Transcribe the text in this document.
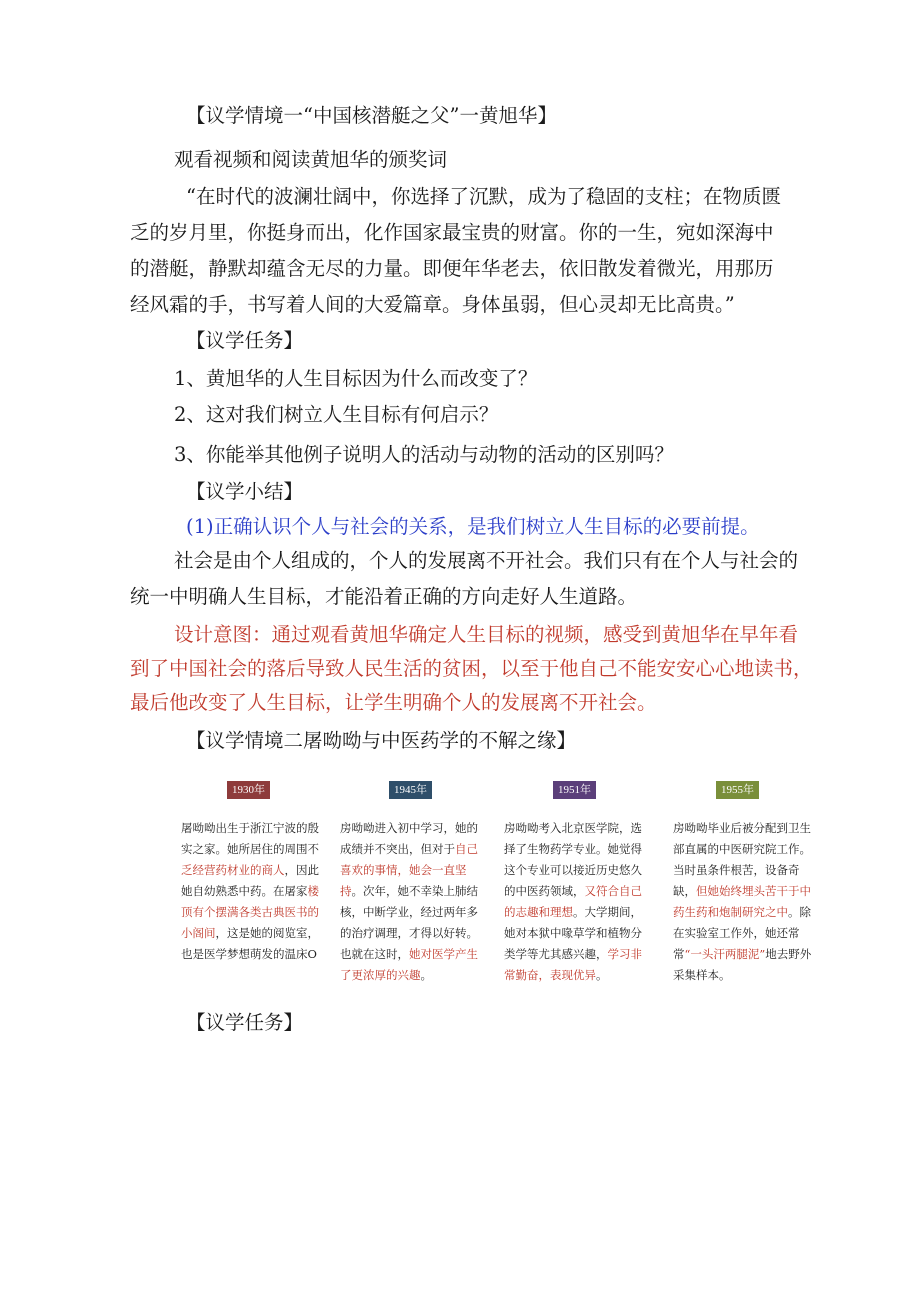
【议学情境一“中国核潜艇之父”一黄旭华】
观看视频和阅读黄旭华的颁奖词
“在时代的波澜壮阔中，你选择了沉默，成为了稳固的支柱；在物质匮
乏的岁月里，你挺身而出，化作国家最宝贵的财富。你的一生，宛如深海中
的潜艇，静默却蕴含无尽的力量。即便年华老去，依旧散发着微光，用那历
经风霜的手，书写着人间的大爱篇章。身体虽弱，但心灵却无比高贵。”
【议学任务】
1、黄旭华的人生目标因为什么而改变了？
2、这对我们树立人生目标有何启示？
3、你能举其他例子说明人的活动与动物的活动的区别吗？
【议学小结】
(1)正确认识个人与社会的关系，是我们树立人生目标的必要前提。
社会是由个人组成的，个人的发展离不开社会。我们只有在个人与社会的
统一中明确人生目标，才能沿着正确的方向走好人生道路。
设计意图：通过观看黄旭华确定人生目标的视频，感受到黄旭华在早年看
到了中国社会的落后导致人民生活的贫困，以至于他自己不能安安心心地读书，
最后他改变了人生目标，让学生明确个人的发展离不开社会。
【议学情境二屠呦呦与中医药学的不解之缘】
1930年	1945年	1951年	1955年
屠呦呦出生于浙江宁波的殷实之家。她所居住的周围不乏经营药材业的商人，因此她自幼熟悉中药。在屠家楼顶有个摆满各类古典医书的小阁间，这是她的阅览室，也是医学梦想萌发的温床O
房呦呦进入初中学习，她的成绩并不突出，但对于自己喜欢的事情，她会一直坚持。次年，她不幸染上肺结核，中断学业，经过两年多的治疗调理，才得以好转。也就在这时，她对医学产生了更浓厚的兴趣。
房呦呦考入北京医学院，选择了生物药学专业。她觉得这个专业可以接近历史悠久的中医药领域，又符合自己的志趣和理想。大学期间，她对本狱中喙草学和植物分类学等尤其感兴趣，学习非常勤奋，表现优异。
房呦呦毕业后被分配到卫生部直属的中医研究院工作。当时虽条件根苦，设备奇缺，但她始终埋头苦干于中药生药和炮制研究之中。除在实验室工作外，她还常常“一头汗两腿泥”地去野外采集样本。
【议学任务】
